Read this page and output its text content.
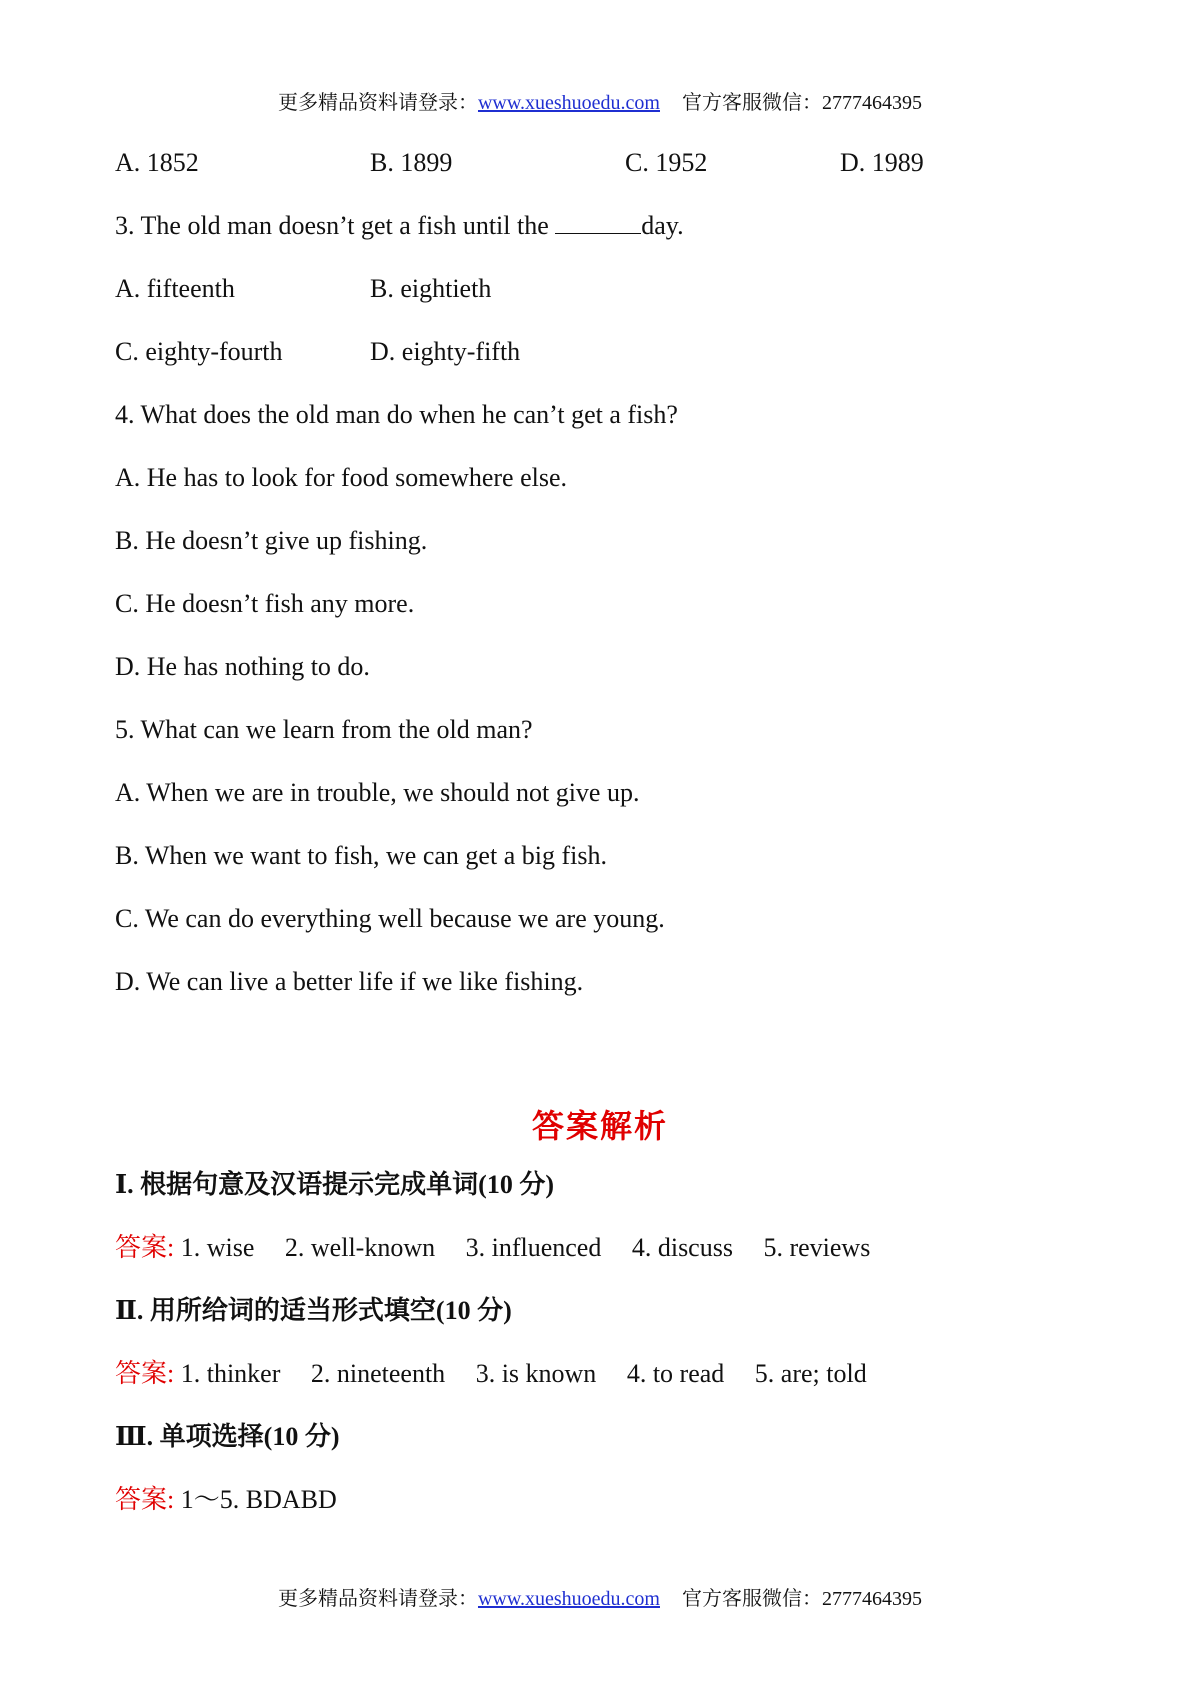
更多精品资料请登录：www.xueshuoedu.com 官方客服微信：2777464395
A. 1852	B. 1899	C. 1952	D. 1989
3. The old man doesn’t get a fish until the	day.
A. fifteenth	B. eightieth
C. eighty-fourth	D. eighty-fifth
4. What does the old man do when he can’t get a fish?
A. He has to look for food somewhere else.
B. He doesn’t give up fishing.
C. He doesn’t fish any more.
D. He has nothing to do.
5. What can we learn from the old man?
A. When we are in trouble, we should not give up.
B. When we want to fish, we can get a big fish.
C. We can do everything well because we are young.
D. We can live a better life if we like fishing.
答案解析
Ⅰ. 根据句意及汉语提示完成单词(10 分)
答案: 1. wise 2. well-known 3. influenced 4. discuss 5. reviews
Ⅱ. 用所给词的适当形式填空(10 分)
答案: 1. thinker 2. nineteenth 3. is known 4. to read 5. are; told
Ⅲ. 单项选择(10 分)
答案: 1～5. BDABD
更多精品资料请登录：www.xueshuoedu.com 官方客服微信：2777464395
